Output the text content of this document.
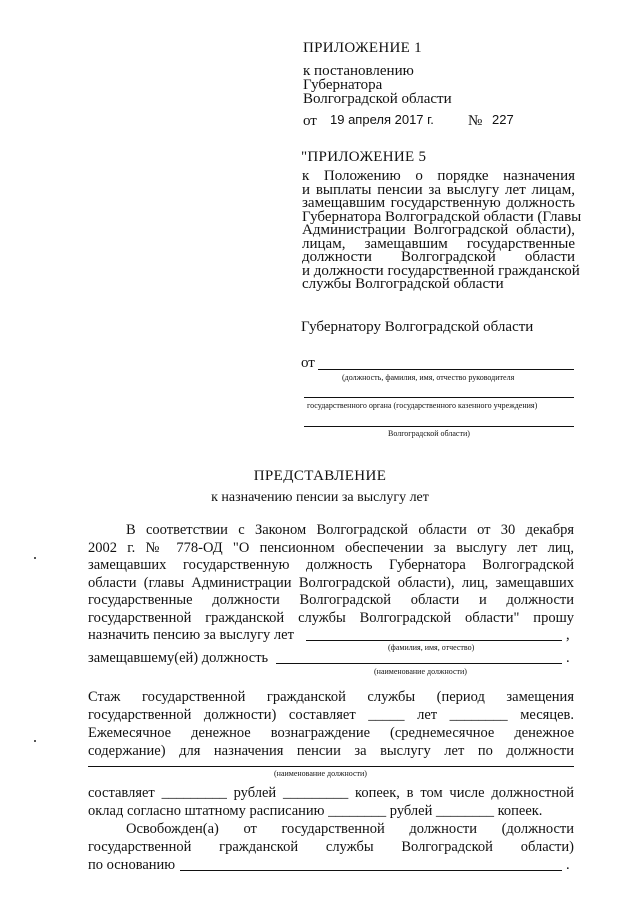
ПРИЛОЖЕНИЕ 1
к постановлению
Губернатора
Волгоградской области
от 19 апреля 2017 г. № 227
"ПРИЛОЖЕНИЕ 5
к Положению о порядке назначения
и выплаты пенсии за выслугу лет лицам,
замещавшим государственную должность
Губернатора Волгоградской области (Главы
Администрации Волгоградской области),
лицам, замещавшим государственные
должности Волгоградской области
и должности государственной гражданской
службы Волгоградской области
Губернатору Волгоградской области
от
(должность, фамилия, имя, отчество руководителя
государственного органа (государственного казенного учреждения)
Волгоградской области)
ПРЕДСТАВЛЕНИЕ
к назначению пенсии за выслугу лет
В соответствии с Законом Волгоградской области от 30 декабря
2002 г. № 778-ОД "О пенсионном обеспечении за выслугу лет лиц,
замещавших государственную должность Губернатора Волгоградской
области (главы Администрации Волгоградской области), лиц, замещавших
государственные должности Волгоградской области и должности
государственной гражданской службы Волгоградской области" прошу
назначить пенсию за выслугу лет	,
(фамилия, имя, отчество)
замещавшему(ей) должность	.
(наименование должности)
Стаж государственной гражданской службы (период замещения
государственной должности) составляет _____ лет ________ месяцев.
Ежемесячное денежное вознаграждение (среднемесячное денежное
содержание) для назначения пенсии за выслугу лет по должности
(наименование должности)
составляет _________ рублей _________ копеек, в том числе должностной
оклад согласно штатному расписанию ________ рублей ________ копеек.
Освобожден(а) от государственной должности (должности
государственной гражданской службы Волгоградской области)
по основанию	.
